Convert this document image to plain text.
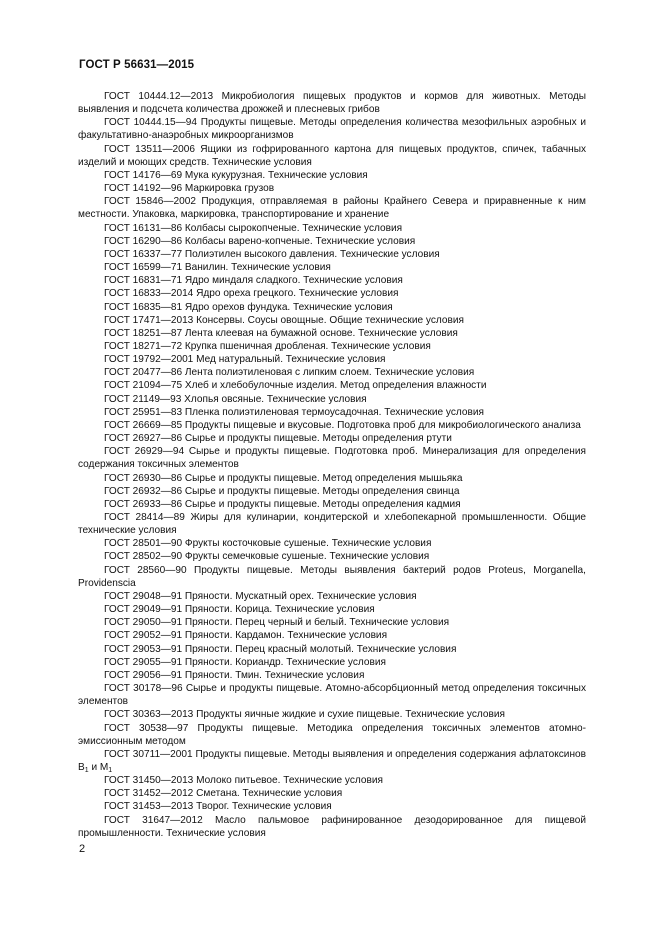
ГОСТ Р 56631—2015

ГОСТ 10444.12—2013 Микробиология пищевых продуктов и кормов для животных. Методы выявления и подсчета количества дрожжей и плесневых грибов

ГОСТ 10444.15—94 Продукты пищевые. Методы определения количества мезофильных аэробных и факультативно-анаэробных микроорганизмов

ГОСТ 13511—2006 Ящики из гофрированного картона для пищевых продуктов, спичек, табачных изделий и моющих средств. Технические условия

ГОСТ 14176—69 Мука кукурузная. Технические условия

ГОСТ 14192—96 Маркировка грузов

ГОСТ 15846—2002 Продукция, отправляемая в районы Крайнего Севера и приравненные к ним местности. Упаковка, маркировка, транспортирование и хранение

ГОСТ 16131—86 Колбасы сырокопченые. Технические условия

ГОСТ 16290—86 Колбасы варено-копченые. Технические условия

ГОСТ 16337—77 Полиэтилен высокого давления. Технические условия

ГОСТ 16599—71 Ванилин. Технические условия

ГОСТ 16831—71 Ядро миндаля сладкого. Технические условия

ГОСТ 16833—2014 Ядро ореха грецкого. Технические условия

ГОСТ 16835—81 Ядро орехов фундука. Технические условия

ГОСТ 17471—2013 Консервы. Соусы овощные. Общие технические условия

ГОСТ 18251—87 Лента клеевая на бумажной основе. Технические условия

ГОСТ 18271—72 Крупка пшеничная дробленая. Технические условия

ГОСТ 19792—2001 Мед натуральный. Технические условия

ГОСТ 20477—86 Лента полиэтиленовая с липким слоем. Технические условия

ГОСТ 21094—75 Хлеб и хлебобулочные изделия. Метод определения влажности

ГОСТ 21149—93 Хлопья овсяные. Технические условия

ГОСТ 25951—83 Пленка полиэтиленовая термоусадочная. Технические условия

ГОСТ 26669—85 Продукты пищевые и вкусовые. Подготовка проб для микробиологического анализа

ГОСТ 26927—86 Сырье и продукты пищевые. Методы определения ртути

ГОСТ 26929—94 Сырье и продукты пищевые. Подготовка проб. Минерализация для определения содержания токсичных элементов

ГОСТ 26930—86 Сырье и продукты пищевые. Метод определения мышьяка

ГОСТ 26932—86 Сырье и продукты пищевые. Методы определения свинца

ГОСТ 26933—86 Сырье и продукты пищевые. Методы определения кадмия

ГОСТ 28414—89 Жиры для кулинарии, кондитерской и хлебопекарной промышленности. Общие технические условия

ГОСТ 28501—90 Фрукты косточковые сушеные. Технические условия

ГОСТ 28502—90 Фрукты семечковые сушеные. Технические условия

ГОСТ 28560—90 Продукты пищевые. Методы выявления бактерий родов Proteus, Morganella, Providenscia

ГОСТ 29048—91 Пряности. Мускатный орех. Технические условия

ГОСТ 29049—91 Пряности. Корица. Технические условия

ГОСТ 29050—91 Пряности. Перец черный и белый. Технические условия

ГОСТ 29052—91 Пряности. Кардамон. Технические условия

ГОСТ 29053—91 Пряности. Перец красный молотый. Технические условия

ГОСТ 29055—91 Пряности. Кориандр. Технические условия

ГОСТ 29056—91 Пряности. Тмин. Технические условия

ГОСТ 30178—96 Сырье и продукты пищевые. Атомно-абсорбционный метод определения токсичных элементов

ГОСТ 30363—2013 Продукты яичные жидкие и сухие пищевые. Технические условия

ГОСТ 30538—97 Продукты пищевые. Методика определения токсичных элементов атомно-эмиссионным методом

ГОСТ 30711—2001 Продукты пищевые. Методы выявления и определения содержания афлатоксинов $B_1$ и $M_1$

ГОСТ 31450—2013 Молоко питьевое. Технические условия

ГОСТ 31452—2012 Сметана. Технические условия

ГОСТ 31453—2013 Творог. Технические условия

ГОСТ 31647—2012 Масло пальмовое рафинированное дезодорированное для пищевой промышленности. Технические условия

2
